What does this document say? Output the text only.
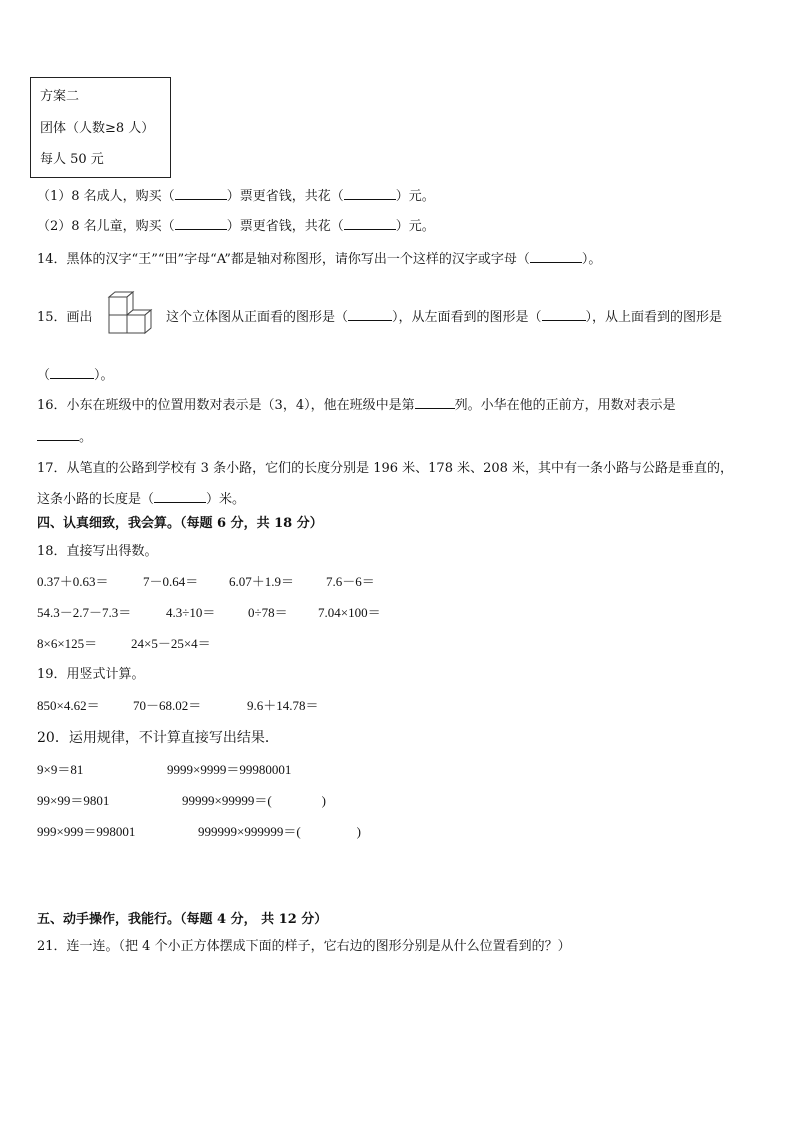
方案二
团体（人数≥8 人）
每人 50 元
（1）8 名成人，购买（	）票更省钱，共花（	）元。
（2）8 名儿童，购买（	）票更省钱，共花（	）元。
14．黑体的汉字“王”“田”字母“A”都是轴对称图形，请你写出一个这样的汉字或字母（	）。
15．画出	这个立体图从正面看的图形是（	），从左面看到的图形是（	），从上面看到的图形是
（	）。
16．小东在班级中的位置用数对表示是（3，4），他在班级中是第	列。小华在他的正前方，用数对表示是
。
17．从笔直的公路到学校有 3 条小路，它们的长度分别是 196 米、178 米、208 米，其中有一条小路与公路是垂直的，
这条小路的长度是（	）米。
四、认真细致，我会算。（每题 6 分，共 18 分）
18．直接写出得数。
0.37＋0.63＝	7－0.64＝ 6.07＋1.9＝ 7.6－6＝
54.3－2.7－7.3＝	4.3÷10＝	0÷78＝ 7.04×100＝
8×6×125＝	24×5－25×4＝
19．用竖式计算。
850×4.62＝	70－68.02＝	9.6＋14.78＝
20．运用规律，不计算直接写出结果．
9×9＝81	9999×9999＝99980001
99×99＝9801	99999×99999＝(	)
999×999＝998001	999999×999999＝(	)
五、动手操作，我能行。（每题 4 分， 共 12 分）
21．连一连。（把 4 个小正方体摆成下面的样子，它右边的图形分别是从什么位置看到的？）
